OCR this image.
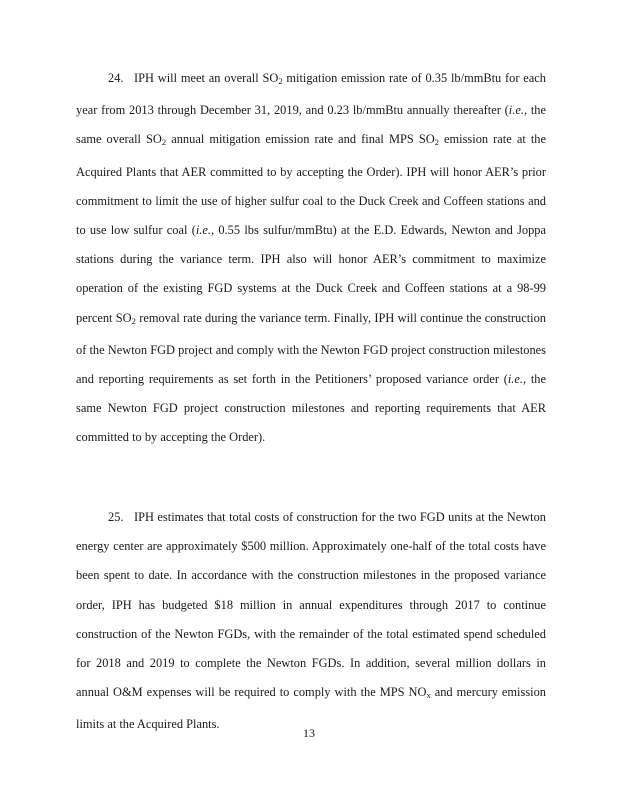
24. IPH will meet an overall $SO_2$ mitigation emission rate of 0.35 lb/mmBtu for each year from 2013 through December 31, 2019, and 0.23 lb/mmBtu annually thereafter (i.e., the same overall $SO_2$ annual mitigation emission rate and final MPS $SO_2$ emission rate at the Acquired Plants that AER committed to by accepting the Order). IPH will honor AER’s prior commitment to limit the use of higher sulfur coal to the Duck Creek and Coffeen stations and to use low sulfur coal (i.e., 0.55 lbs sulfur/mmBtu) at the E.D. Edwards, Newton and Joppa stations during the variance term. IPH also will honor AER’s commitment to maximize operation of the existing FGD systems at the Duck Creek and Coffeen stations at a 98-99 percent $SO_2$ removal rate during the variance term. Finally, IPH will continue the construction of the Newton FGD project and comply with the Newton FGD project construction milestones and reporting requirements as set forth in the Petitioners’ proposed variance order (i.e., the same Newton FGD project construction milestones and reporting requirements that AER committed to by accepting the Order).

25. IPH estimates that total costs of construction for the two FGD units at the Newton energy center are approximately $500 million. Approximately one-half of the total costs have been spent to date. In accordance with the construction milestones in the proposed variance order, IPH has budgeted $18 million in annual expenditures through 2017 to continue construction of the Newton FGDs, with the remainder of the total estimated spend scheduled for 2018 and 2019 to complete the Newton FGDs. In addition, several million dollars in annual O&M expenses will be required to comply with the MPS $NO_x$ and mercury emission limits at the Acquired Plants.

13
